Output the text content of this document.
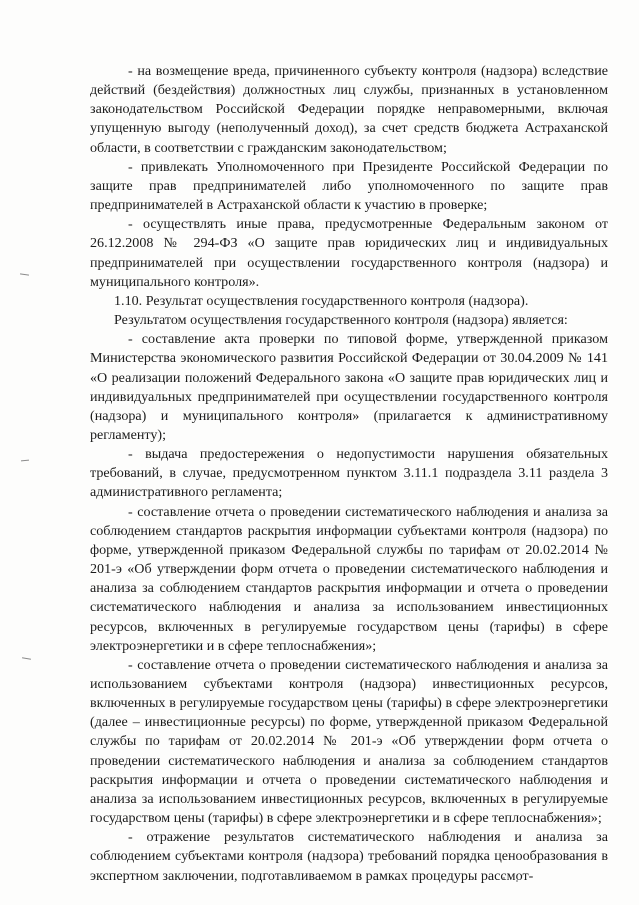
- на возмещение вреда, причиненного субъекту контроля (надзора) вследствие действий (бездействия) должностных лиц службы, признанных в установленном законодательством Российской Федерации порядке неправомерными, включая упущенную выгоду (неполученный доход), за счет средств бюджета Астраханской области, в соответствии с гражданским законодательством;

- привлекать Уполномоченного при Президенте Российской Федерации по защите прав предпринимателей либо уполномоченного по защите прав предпринимателей в Астраханской области к участию в проверке;

- осуществлять иные права, предусмотренные Федеральным законом от 26.12.2008 № 294-ФЗ «О защите прав юридических лиц и индивидуальных предпринимателей при осуществлении государственного контроля (надзора) и муниципального контроля».

1.10. Результат осуществления государственного контроля (надзора).

Результатом осуществления государственного контроля (надзора) является:

- составление акта проверки по типовой форме, утвержденной приказом Министерства экономического развития Российской Федерации от 30.04.2009 № 141 «О реализации положений Федерального закона «О защите прав юридических лиц и индивидуальных предпринимателей при осуществлении государственного контроля (надзора) и муниципального контроля» (прилагается к административному регламенту);

- выдача предостережения о недопустимости нарушения обязательных требований, в случае, предусмотренном пунктом 3.11.1 подраздела 3.11 раздела 3 административного регламента;

- составление отчета о проведении систематического наблюдения и анализа за соблюдением стандартов раскрытия информации субъектами контроля (надзора) по форме, утвержденной приказом Федеральной службы по тарифам от 20.02.2014 № 201-э «Об утверждении форм отчета о проведении систематического наблюдения и анализа за соблюдением стандартов раскрытия информации и отчета о проведении систематического наблюдения и анализа за использованием инвестиционных ресурсов, включенных в регулируемые государством цены (тарифы) в сфере электроэнергетики и в сфере теплоснабжения»;

- составление отчета о проведении систематического наблюдения и анализа за использованием субъектами контроля (надзора) инвестиционных ресурсов, включенных в регулируемые государством цены (тарифы) в сфере электроэнергетики (далее – инвестиционные ресурсы) по форме, утвержденной приказом Федеральной службы по тарифам от 20.02.2014 № 201-э «Об утверждении форм отчета о проведении систематического наблюдения и анализа за соблюдением стандартов раскрытия информации и отчета о проведении систематического наблюдения и анализа за использованием инвестиционных ресурсов, включенных в регулируемые государством цены (тарифы) в сфере электроэнергетики и в сфере теплоснабжения»;

- отражение результатов систематического наблюдения и анализа за соблюдением субъектами контроля (надзора) требований порядка ценообразования в экспертном заключении, подготавливаемом в рамках процедуры рассмот-
